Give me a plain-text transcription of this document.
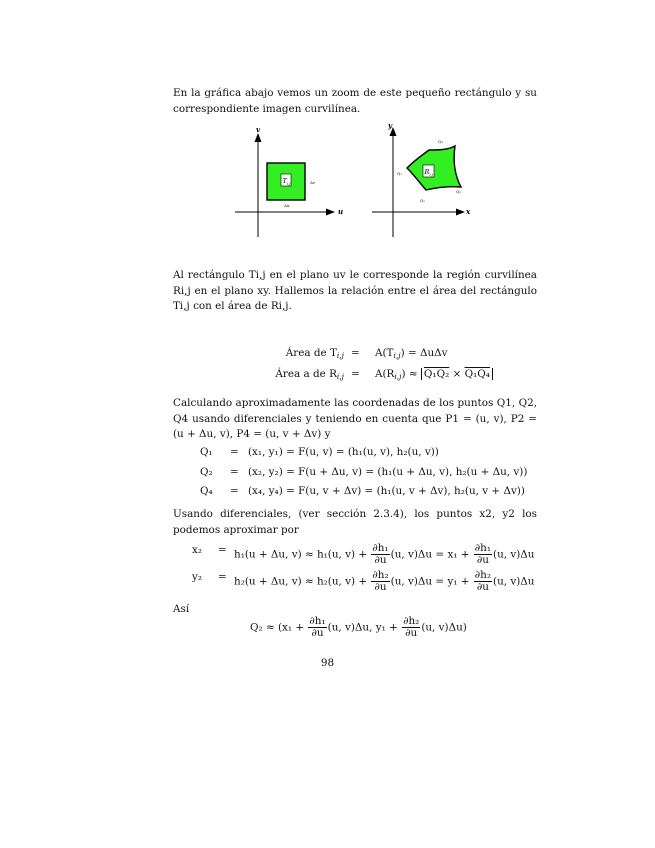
En la gráfica abajo vemos un zoom de este pequeño rectángulo y su correspondiente imagen curvilínea.

v
u
T i,j	Δv
Δu
y
x
R i,j
Q₁
Q₂
Q₃
Q₄

Al rectángulo Ti,j en el plano uv le corresponde la región curvilínea Ri,j en el plano xy. Hallemos la relación entre el área del rectángulo Ti,j con el área de Ri,j.

Área de $T_{i,j} = A(T_{i,j}) = \Delta u\Delta v$
Área a de $R_{i,j} = A(R_{i,j}) \approx Q_1Q_2 \times Q_1Q_4$

Calculando aproximadamente las coordenadas de los puntos Q1, Q2, Q4 usando diferenciales y teniendo en cuenta que P1 = (u, v), P2 = (u + Δu, v), P4 = (u, v + Δv) y

Q₁ = (x₁, y₁) = F(u, v) = (h₁(u, v), h₂(u, v))
Q₂ = (x₂, y₂) = F(u + Δu, v) = (h₁(u + Δu, v), h₂(u + Δu, v))
Q₄ = (x₄, y₄) = F(u, v + Δv) = (h₁(u, v + Δv), h₂(u, v + Δv))

Usando diferenciales, (ver sección 2.3.4), los puntos x2, y2 los podemos aproximar por

x₂ = h₁(u + Δu, v) ≈ h₁(u, $v) + \frac{\text{∂h₁}}{\partial u} (u$, $v)\Delta u = x_1 + \frac{\text{∂h₁}}{\partial u} (u$, v)Δu
y₂ = h₂(u + Δu, v) ≈ h₂(u, $v) + \frac{\text{∂h₂}}{\partial u} (u$, $v)\Delta u = y_1 + \frac{\text{∂h₂}}{\partial u} (u$, v)Δu

Así

$Q_2 \approx (x_1 + \frac{\text{∂h₁}}{\partial u} (u$, v)Δu, $y_1 + \frac{\text{∂h₂}}{\partial u} (u$, v)Δu)
98
